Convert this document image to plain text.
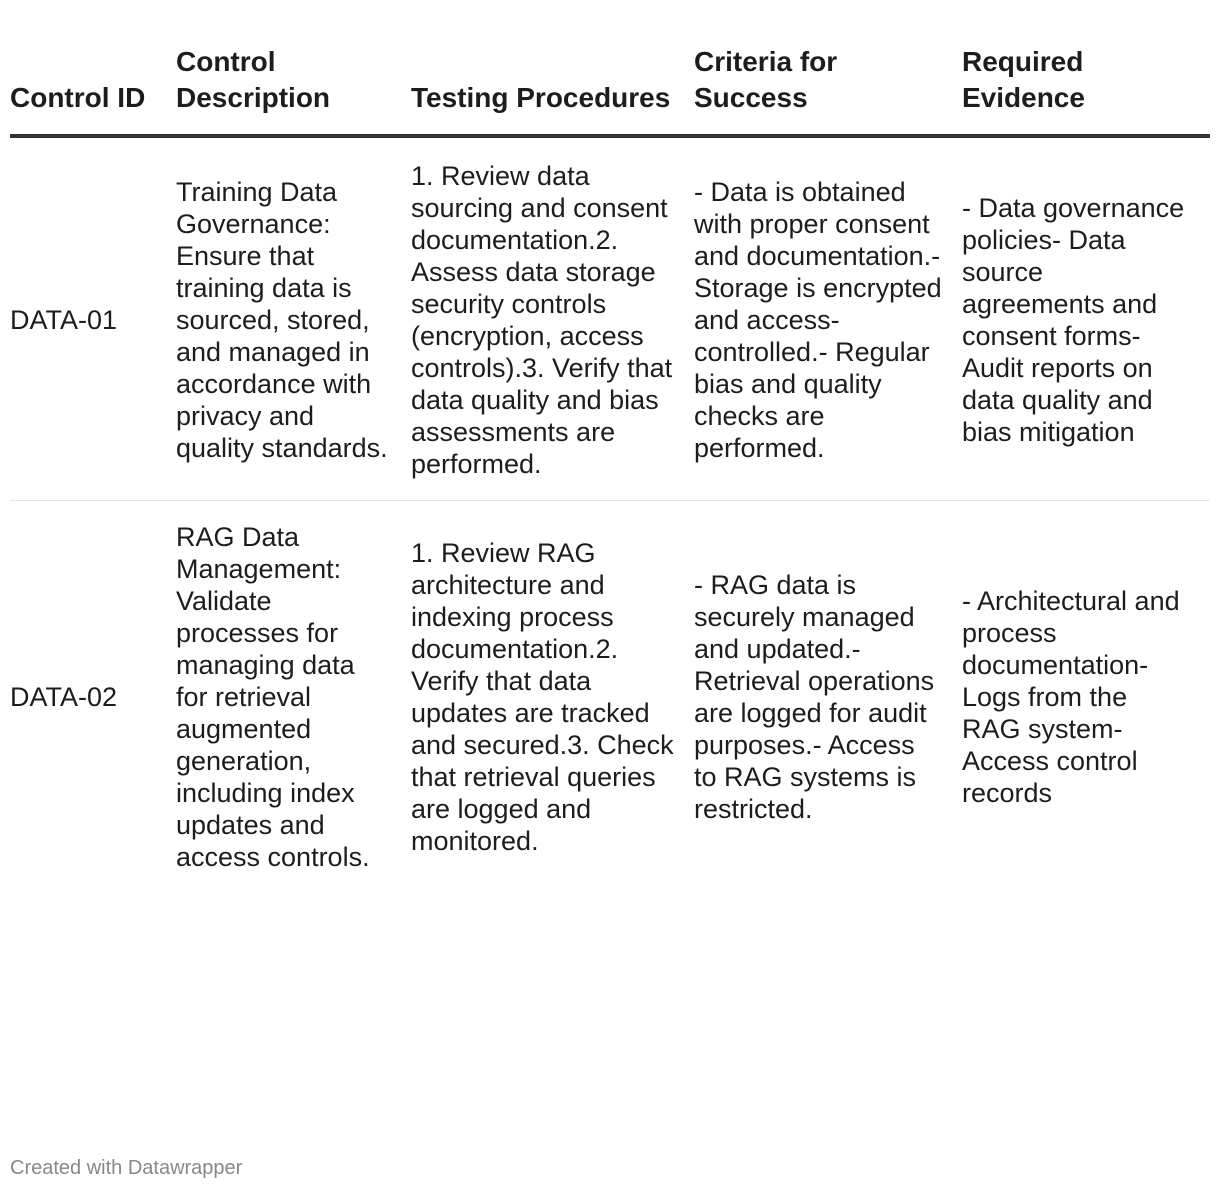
Control ID	Control Description	Testing Procedures	Criteria for Success	Required Evidence

DATA-01	Training Data Governance: Ensure that training data is sourced, stored, and managed in accordance with privacy and quality standards.	1. Review data sourcing and consent documentation.2. Assess data storage security controls (encryption, access controls).3. Verify that data quality and bias assessments are performed.	- Data is obtained with proper consent and documentation.- Storage is encrypted and access-controlled.- Regular bias and quality checks are performed.	- Data governance policies- Data source agreements and consent forms- Audit reports on data quality and bias mitigation
DATA-02	RAG Data Management: Validate processes for managing data for retrieval augmented generation, including index updates and access controls.	1. Review RAG architecture and indexing process documentation.2. Verify that data updates are tracked and secured.3. Check that retrieval queries are logged and monitored.	- RAG data is securely managed and updated.- Retrieval operations are logged for audit purposes.- Access to RAG systems is restricted.	- Architectural and process documentation- Logs from the RAG system- Access control records
Created with Datawrapper
